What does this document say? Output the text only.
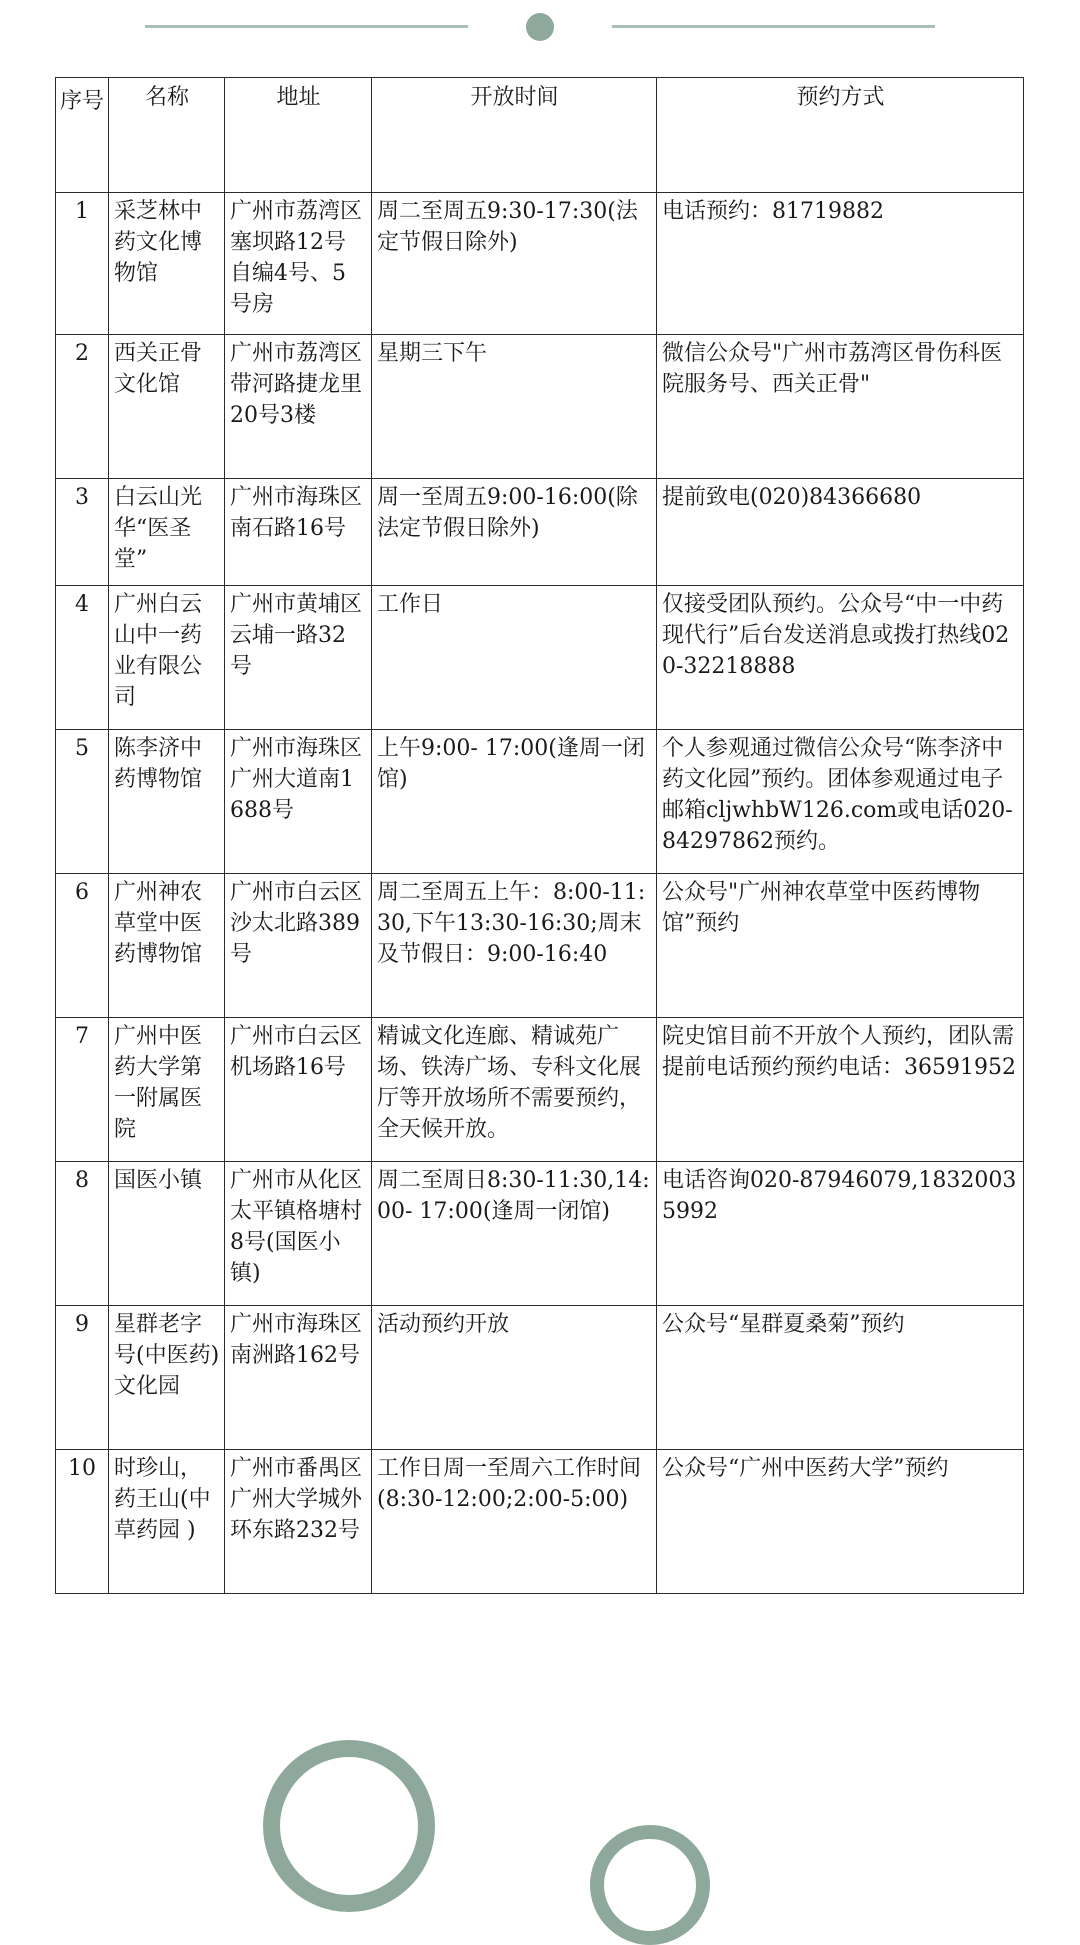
序号	名称	地址	开放时间	预约方式
1	采芝林中药文化博物馆	广州市荔湾区塞坝路12号自编4号、5号房	周二至周五9:30-17:30(法定节假日除外)	电话预约：81719882
2	西关正骨文化馆	广州市荔湾区带河路捷龙里20号3楼	星期三下午	微信公众号"广州市荔湾区骨伤科医院服务号、西关正骨"
3	白云山光华“医圣堂”	广州市海珠区南石路16号	周一至周五9:00-16:00(除法定节假日除外)	提前致电(020)84366680
4	广州白云山中一药业有限公司	广州市黄埔区云埔一路32号	工作日	仅接受团队预约。公众号“中一中药现代行”后台发送消息或拨打热线020-32218888
5	陈李济中药博物馆	广州市海珠区广州大道南1688号	上午9:00- 17:00(逢周一闭馆)	个人参观通过微信公众号“陈李济中药文化园”预约。团体参观通过电子邮箱cljwhbW126.com或电话020-84297862预约。
6	广州神农草堂中医药博物馆	广州市白云区沙太北路389号	周二至周五上午：8:00-11:30,下午13:30-16:30;周末及节假日：9:00-16:40	公众号"广州神农草堂中医药博物馆”预约
7	广州中医药大学第一附属医院	广州市白云区机场路16号	精诚文化连廊、精诚苑广场、铁涛广场、专科文化展厅等开放场所不需要预约，全天候开放。	院史馆目前不开放个人预约，团队需提前电话预约预约电话：36591952
8	国医小镇	广州市从化区太平镇格塘村8号(国医小镇)	周二至周日8:30-11:30,14:00- 17:00(逢周一闭馆)	电话咨询020-87946079,18320035992
9	星群老字号(中医药)文化园	广州市海珠区南洲路162号	活动预约开放	公众号“星群夏桑菊”预约
10	时珍山，药王山(中草药园 )	广州市番禺区广州大学城外环东路232号	工作日周一至周六工作时间(8:30-12:00;2:00-5:00)	公众号“广州中医药大学”预约
